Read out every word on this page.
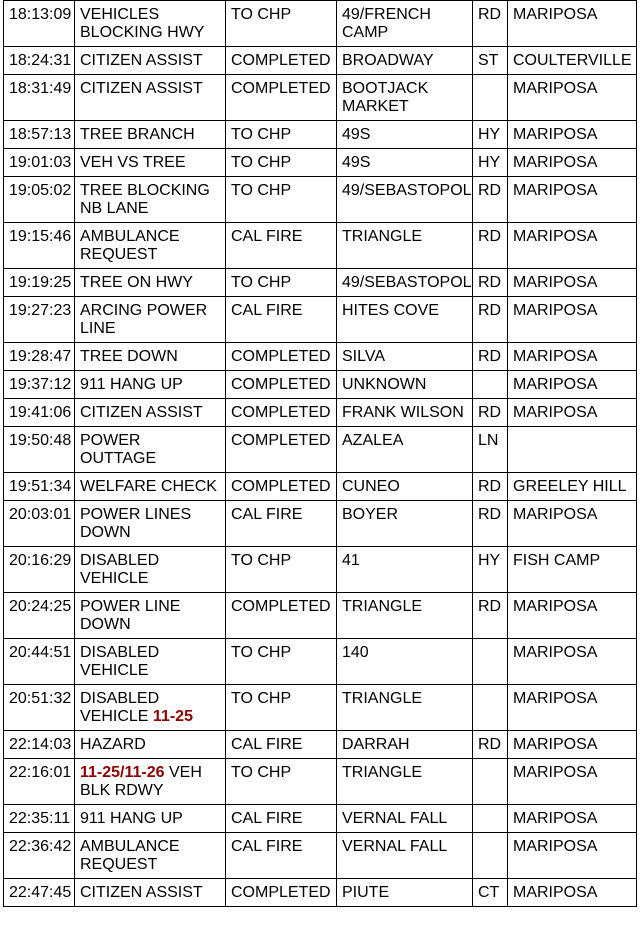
18:13:09	VEHICLES BLOCKING HWY	TO CHP	49/FRENCH CAMP	RD	MARIPOSA
18:24:31	CITIZEN ASSIST	COMPLETED	BROADWAY	ST	COULTERVILLE
18:31:49	CITIZEN ASSIST	COMPLETED	BOOTJACK MARKET		MARIPOSA
18:57:13	TREE BRANCH	TO CHP	49S	HY	MARIPOSA
19:01:03	VEH VS TREE	TO CHP	49S	HY	MARIPOSA
19:05:02	TREE BLOCKING NB LANE	TO CHP	49/SEBASTOPOL	RD	MARIPOSA
19:15:46	AMBULANCE REQUEST	CAL FIRE	TRIANGLE	RD	MARIPOSA
19:19:25	TREE ON HWY	TO CHP	49/SEBASTOPOL	RD	MARIPOSA
19:27:23	ARCING POWER LINE	CAL FIRE	HITES COVE	RD	MARIPOSA
19:28:47	TREE DOWN	COMPLETED	SILVA	RD	MARIPOSA
19:37:12	911 HANG UP	COMPLETED	UNKNOWN		MARIPOSA
19:41:06	CITIZEN ASSIST	COMPLETED	FRANK WILSON	RD	MARIPOSA
19:50:48	POWER OUTTAGE	COMPLETED	AZALEA	LN	
19:51:34	WELFARE CHECK	COMPLETED	CUNEO	RD	GREELEY HILL
20:03:01	POWER LINES DOWN	CAL FIRE	BOYER	RD	MARIPOSA
20:16:29	DISABLED VEHICLE	TO CHP	41	HY	FISH CAMP
20:24:25	POWER LINE DOWN	COMPLETED	TRIANGLE	RD	MARIPOSA
20:44:51	DISABLED VEHICLE	TO CHP	140		MARIPOSA
20:51:32	DISABLED VEHICLE 11-25	TO CHP	TRIANGLE		MARIPOSA
22:14:03	HAZARD	CAL FIRE	DARRAH	RD	MARIPOSA
22:16:01	11-25/11-26 VEH BLK RDWY	TO CHP	TRIANGLE		MARIPOSA
22:35:11	911 HANG UP	CAL FIRE	VERNAL FALL		MARIPOSA
22:36:42	AMBULANCE REQUEST	CAL FIRE	VERNAL FALL		MARIPOSA
22:47:45	CITIZEN ASSIST	COMPLETED	PIUTE	CT	MARIPOSA
